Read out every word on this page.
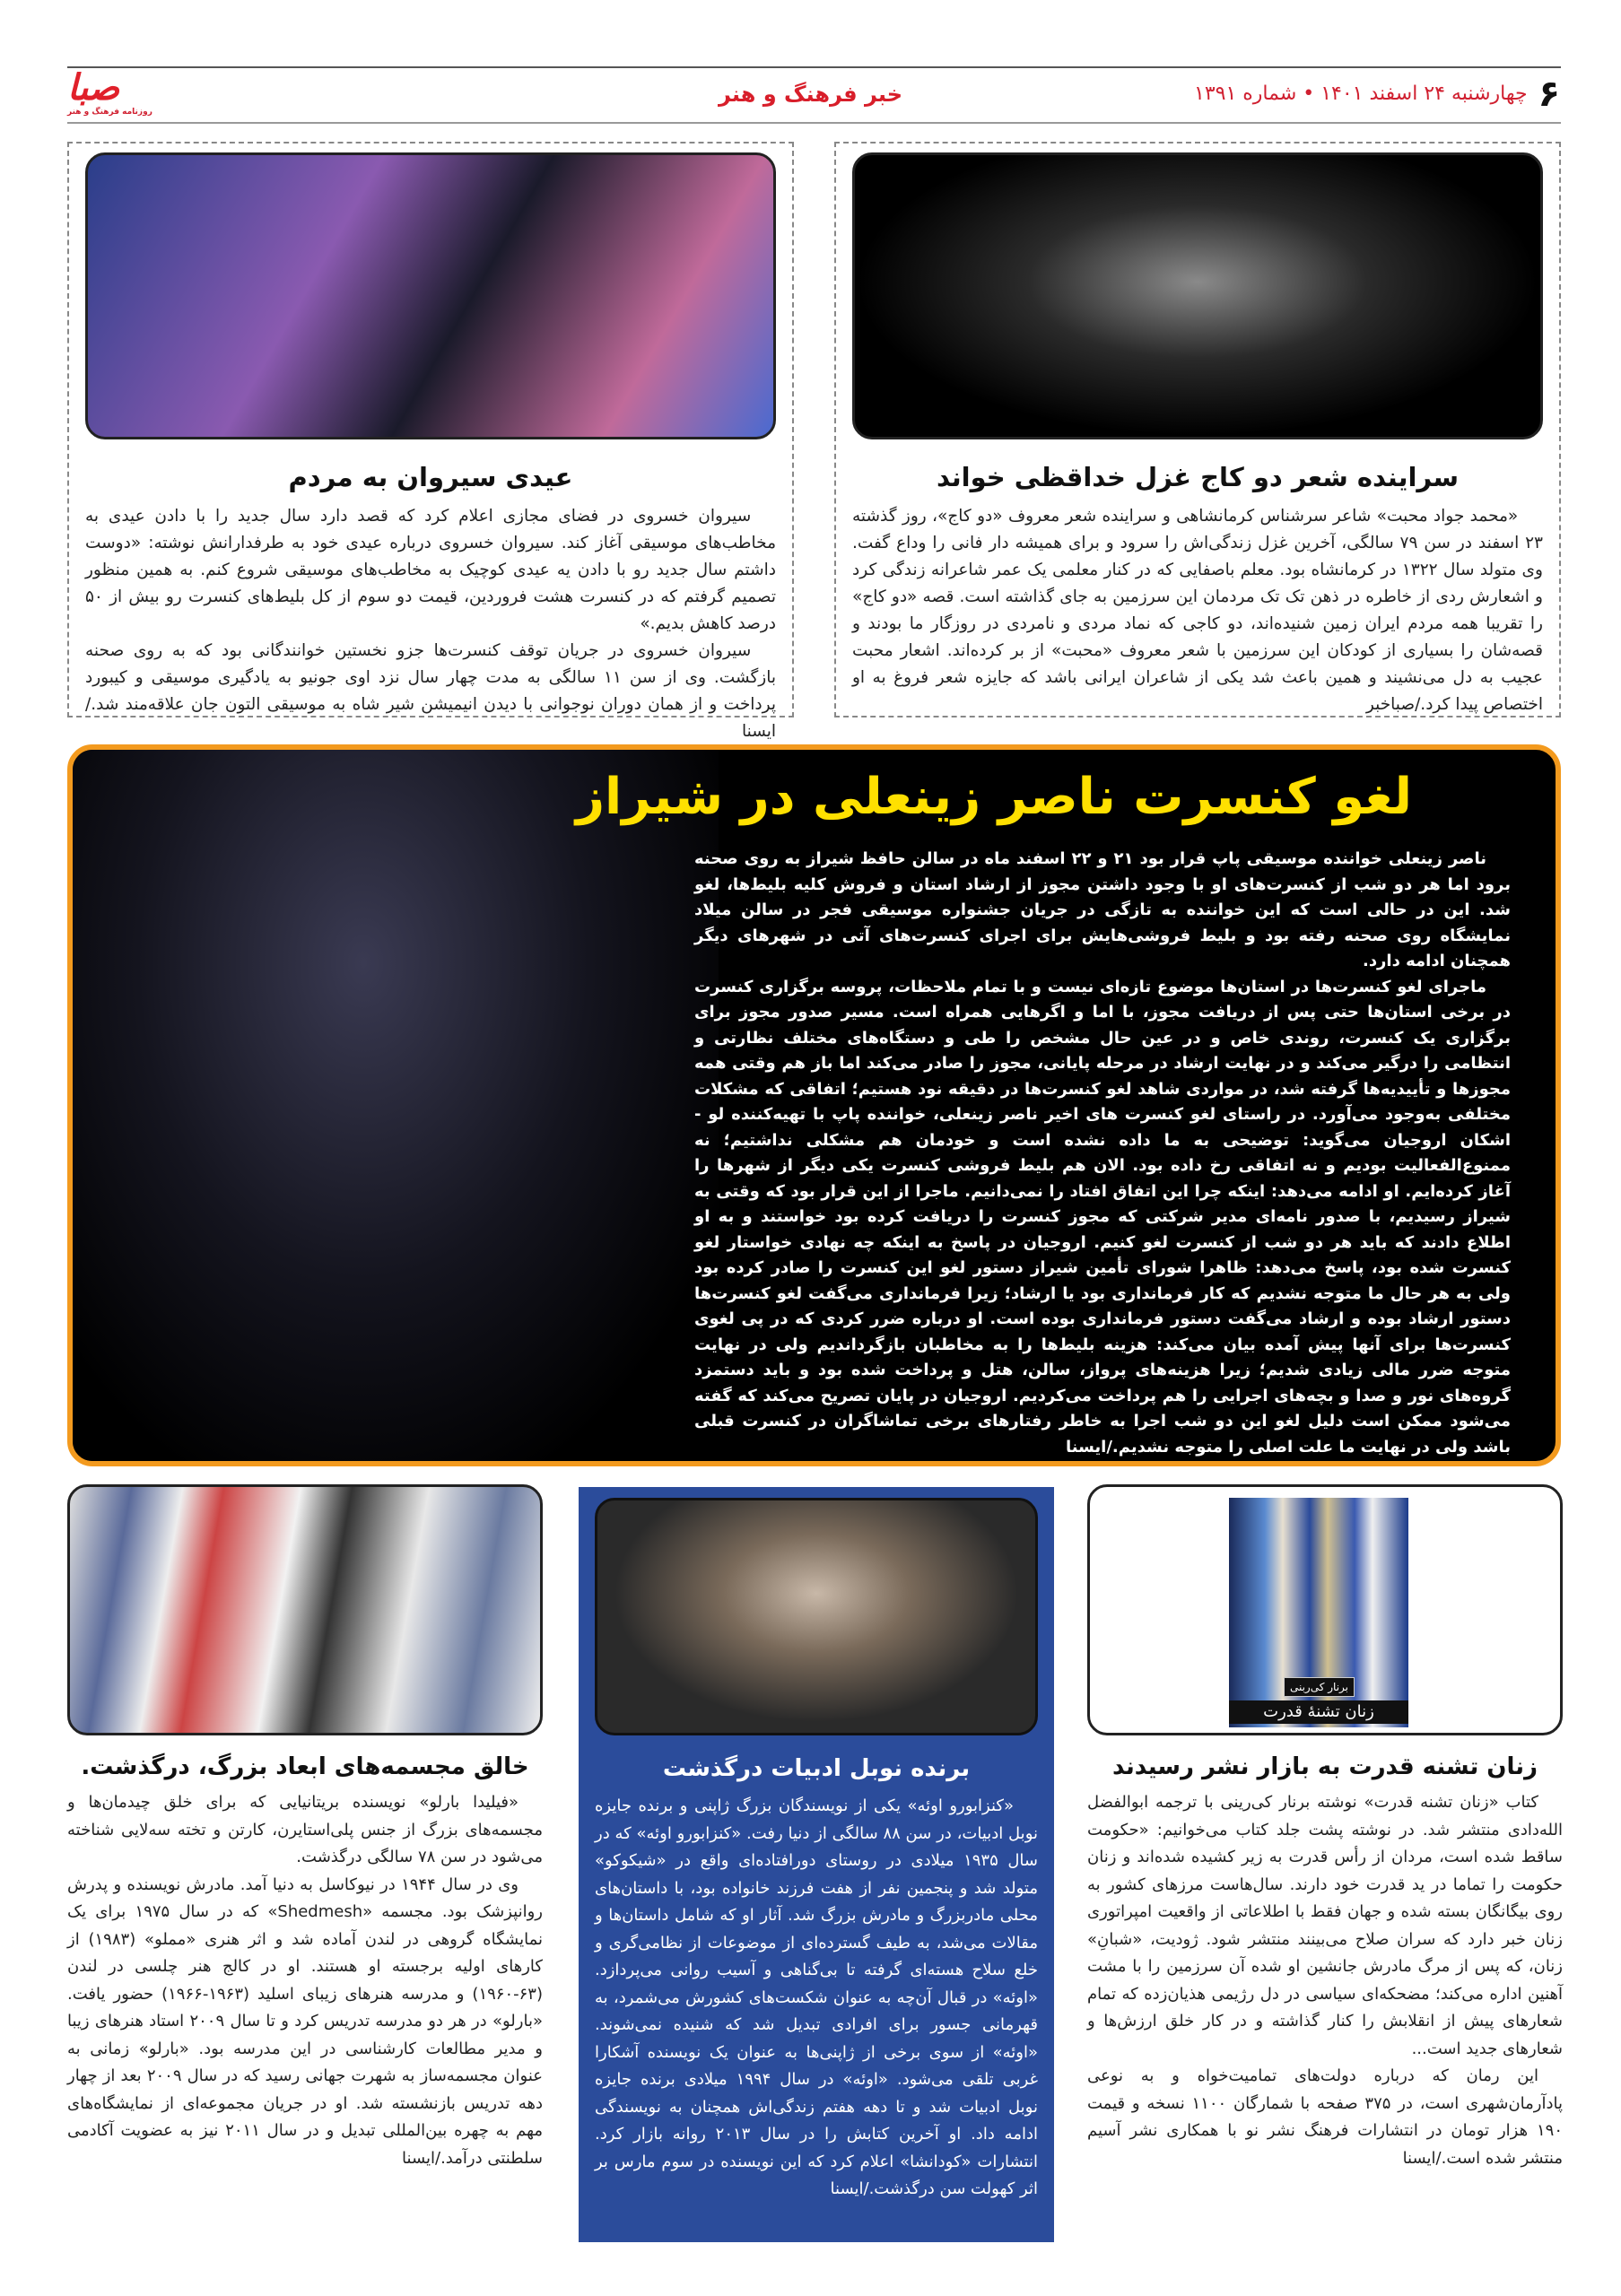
۶
چهارشنبه ۲۴ اسفند ۱۴۰۱ • شماره ۱۳۹۱
خبر فرهنگ و هنر
صبا
روزنامه فرهنگ و هنر
سراینده شعر دو کاج غزل خداقظی خواند

«محمد جواد محبت» شاعر سرشناس کرمانشاهی و سراینده شعر معروف «دو کاج»، روز گذشته ۲۳ اسفند در سن ۷۹ سالگی، آخرین غزل زندگی‌اش را سرود و برای همیشه دار فانی را وداع گفت. وی متولد سال ۱۳۲۲ در کرمانشاه بود. معلم باصفایی که در کنار معلمی یک عمر شاعرانه زندگی کرد و اشعارش ردی از خاطره در ذهن تک تک مردمان این سرزمین به جای گذاشته است. قصه «دو کاج» را تقریبا همه مردم ایران زمین شنیده‌اند، دو کاجی که نماد مردی و نامردی در روزگار ما بودند و قصه‌شان را بسیاری از کودکان این سرزمین با شعر معروف «محبت» از بر کرده‌اند. اشعار محبت عجیب به دل می‌نشیند و همین باعث شد یکی از شاعران ایرانی باشد که جایزه شعر فروغ به او اختصاص پیدا کرد./صباخبر

عیدی سیروان به مردم

سیروان خسروی در فضای مجازی اعلام کرد که قصد دارد سال جدید را با دادن عیدی به مخاطب‌های موسیقی آغاز کند. سیروان خسروی درباره عیدی خود به طرفدارانش نوشته: «دوست داشتم سال جدید رو با دادن یه عیدی کوچیک به مخاطب‌های موسیقی شروع کنم. به همین منظور تصمیم گرفتم که در کنسرت هشت فروردین، قیمت دو سوم از کل بلیط‌های کنسرت رو بیش از ۵۰ درصد کاهش بدیم.»

سیروان خسروی در جریان توقف کنسرت‌ها جزو نخستین خوانندگانی بود که به روی صحنه بازگشت. وی از سن ۱۱ سالگی به مدت چهار سال نزد اوی جونیو به یادگیری موسیقی و کیبورد پرداخت و از همان دوران نوجوانی با دیدن انیمیشن شیر شاه به موسیقی التون جان علاقه‌مند شد./ایسنا

لغو کنسرت ناصر زینعلی در شیراز

ناصر زینعلی خواننده موسیقی پاپ قرار بود ۲۱ و ۲۲ اسفند ماه در سالن حافظ شیراز به روی صحنه برود اما هر دو شب از کنسرت‌های او با وجود داشتن مجوز از ارشاد استان و فروش کلیه بلیط‌ها، لغو شد. این در حالی است که این خواننده به تازگی در جریان جشنواره موسیقی فجر در سالن میلاد نمایشگاه روی صحنه رفته بود و بلیط فروشی‌هایش برای اجرای کنسرت‌های آتی در شهرهای دیگر همچنان ادامه دارد.

ماجرای لغو کنسرت‌ها در استان‌ها موضوع تازه‌ای نیست و با تمام ملاحظات، پروسه برگزاری کنسرت در برخی استان‌ها حتی پس از دریافت مجوز، با اما و اگرهایی همراه است. مسیر صدور مجوز برای برگزاری یک کنسرت، روندی خاص و در عین حال مشخص را طی و دستگاه‌های مختلف نظارتی و انتظامی را درگیر می‌کند و در نهایت ارشاد در مرحله پایانی، مجوز را صادر می‌کند اما باز هم وقتی همه مجوزها و تأییدیه‌ها گرفته شد، در مواردی شاهد لغو کنسرت‌ها در دقیقه نود هستیم؛ اتفاقی که مشکلات مختلفی به‌وجود می‌آورد. در راستای لغو کنسرت های اخیر ناصر زینعلی، خواننده پاپ با تهیه‌کننده لو - اشکان اروجیان می‌گوید: توضیحی به ما داده نشده است و خودمان هم مشکلی نداشتیم؛ نه ممنوع‌الفعالیت بودیم و نه اتفاقی رخ داده بود. الان هم بلیط فروشی کنسرت یکی دیگر از شهرها را آغاز کرده‌ایم. او ادامه می‌دهد: اینکه چرا این اتفاق افتاد را نمی‌دانیم. ماجرا از این قرار بود که وقتی به شیراز رسیدیم، با صدور نامه‌ای مدیر شرکتی که مجوز کنسرت را دریافت کرده بود خواستند و به او اطلاع دادند که باید هر دو شب از کنسرت لغو کنیم. اروجیان در پاسخ به اینکه چه نهادی خواستار لغو کنسرت شده بود، پاسخ می‌دهد: ظاهرا شورای تأمین شیراز دستور لغو این کنسرت را صادر کرده بود ولی به هر حال ما متوجه نشدیم که کار فرمانداری بود یا ارشاد؛ زیرا فرمانداری می‌گفت لغو کنسرت‌ها دستور ارشاد بوده و ارشاد می‌گفت دستور فرمانداری بوده است. او درباره ضرر کردی که در پی لغوی کنسرت‌ها برای آنها پیش آمده بیان می‌کند: هزینه بلیط‌ها را به مخاطبان بازگرداندیم ولی در نهایت متوجه ضرر مالی زیادی شدیم؛ زیرا هزینه‌های پرواز، سالن، هتل و پرداخت شده بود و باید دستمزد گروه‌های نور و صدا و بچه‌های اجرایی را هم پرداخت می‌کردیم. اروجیان در پایان تصریح می‌کند که گفته می‌شود ممکن است دلیل لغو این دو شب اجرا به خاطر رفتارهای برخی تماشاگران در کنسرت قبلی باشد ولی در نهایت ما علت اصلی را متوجه نشدیم./ایسنا

برنار کی‌ربنی
زنان تشنهٔ قدرت
زنان تشنه قدرت به بازار نشر رسیدند

کتاب «زنان تشنه قدرت» نوشته برنار کی‌رینی با ترجمه ابوالفضل الله‌دادی منتشر شد. در نوشته پشت جلد کتاب می‌خوانیم: «حکومت ساقط شده است، مردان از رأس قدرت به زیر کشیده شده‌اند و زنان حکومت را تماما در ید قدرت خود دارند. سال‌هاست مرزهای کشور به روی بیگانگان بسته شده و جهان فقط با اطلاعاتی از واقعیت امپراتوری زنان خبر دارد که سران صلاح می‌بینند منتشر شود. ژودیت، «شبانِ» زنان، که پس از مرگ مادرش جانشین او شده آن سرزمین را با مشت آهنین اداره می‌کند؛ مضحکه‌ای سیاسی در دل رژیمی هذیان‌زده که تمام شعارهای پیش از انقلابش را کنار گذاشته و در کار خلق ارزش‌ها و شعارهای جدید است...

این رمان که درباره دولت‌های تمامیت‌خواه و به نوعی پادآرمان‌شهری است، در ۳۷۵ صفحه با شمارگان ۱۱۰۰ نسخه و قیمت ۱۹۰ هزار تومان در انتشارات فرهنگ نشر نو با همکاری نشر آسیم منتشر شده است./ایسنا

برنده نوبل ادبیات درگذشت

«کنزابورو اوئه» یکی از نویسندگان بزرگ ژاپنی و برنده جایزه نوبل ادبیات، در سن ۸۸ سالگی از دنیا رفت. «کنزابورو اوئه» که در سال ۱۹۳۵ میلادی در روستای دورافتاده‌ای واقع در «شیکوکو» متولد شد و پنجمین نفر از هفت فرزند خانواده بود، با داستان‌های محلی مادربزرگ و مادرش بزرگ شد. آثار او که شامل داستان‌ها و مقالات می‌شد، به طیف گسترده‌ای از موضوعات از نظامی‌گری و خلع سلاح هسته‌ای گرفته تا بی‌گناهی و آسیب روانی می‌پردازد. «اوئه» در قبال آن‌چه به عنوان شکست‌های کشورش می‌شمرد، به قهرمانی جسور برای افرادی تبدیل شد که شنیده نمی‌شوند. «اوئه» از سوی برخی از ژاپنی‌ها به عنوان یک نویسنده آشکارا غربی تلقی می‌شود. «اوئه» در سال ۱۹۹۴ میلادی برنده جایزه نوبل ادبیات شد و تا دهه هفتم زندگی‌اش همچنان به نویسندگی ادامه داد. او آخرین کتابش را در سال ۲۰۱۳ روانه بازار کرد. انتشارات «کودانشا» اعلام کرد که این نویسنده در سوم مارس بر اثر کهولت سن درگذشت./ایسنا

خالق مجسمه‌های ابعاد بزرگ، درگذشت.

«فیلیدا بارلو» نویسنده بریتانیایی که برای خلق چیدمان‌ها و مجسمه‌های بزرگ از جنس پلی‌استایرن، کارتن و تخته سه‌لایی شناخته می‌شود در سن ۷۸ سالگی درگذشت.

وی در سال ۱۹۴۴ در نیوکاسل به دنیا آمد. مادرش نویسنده و پدرش روانپزشک بود. مجسمه «Shedmesh» که در سال ۱۹۷۵ برای یک نمایشگاه گروهی در لندن آماده شد و اثر هنری «مملو» (۱۹۸۳) از کارهای اولیه برجسته او هستند. او در کالج هنر چلسی در لندن (۶۳-۱۹۶۰) و مدرسه هنرهای زیبای اسلید (۱۹۶۳-۱۹۶۶) حضور یافت. «بارلو» در هر دو مدرسه تدریس کرد و تا سال ۲۰۰۹ استاد هنرهای زیبا و مدیر مطالعات کارشناسی در این مدرسه بود. «بارلو» زمانی به عنوان مجسمه‌ساز به شهرت جهانی رسید که در سال ۲۰۰۹ بعد از چهار دهه تدریس بازنشسته شد. او در جریان مجموعه‌ای از نمایشگاه‌های مهم به چهره بین‌المللی تبدیل و در سال ۲۰۱۱ نیز به عضویت آکادمی سلطنتی درآمد./ایسنا
